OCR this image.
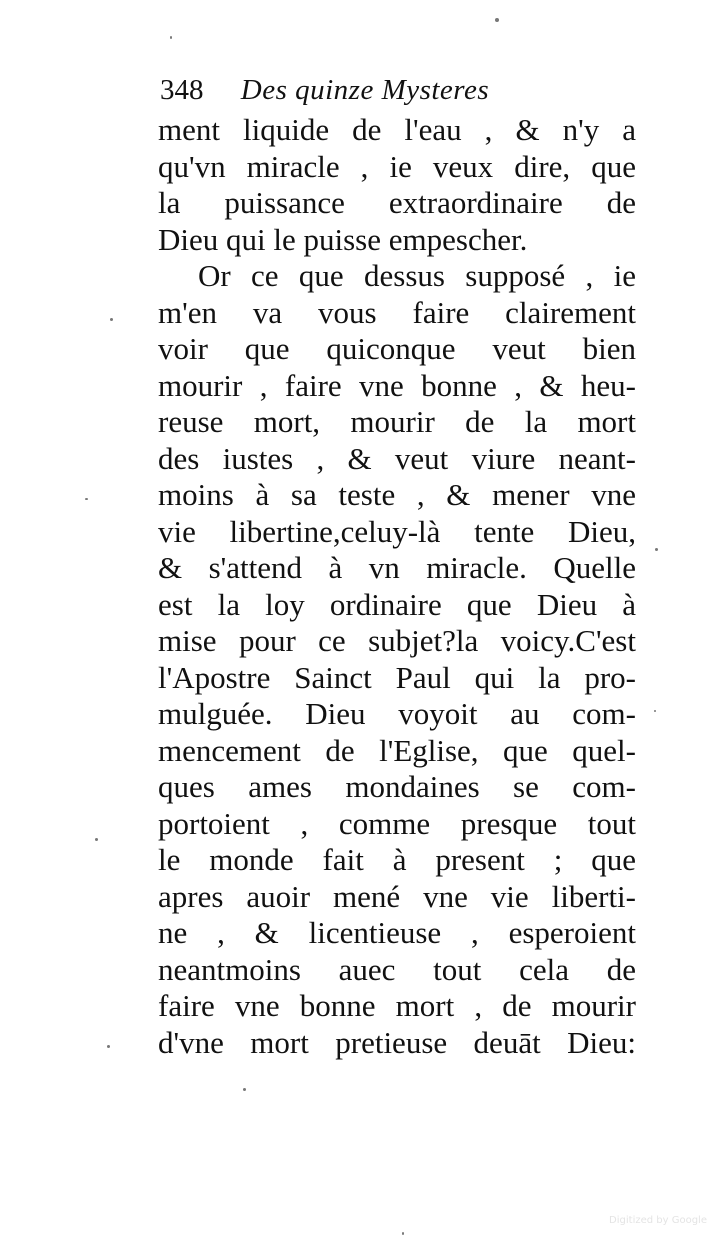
348 Des quinze Mysteres
ment liquide de l'eau , & n'y a
qu'vn miracle , ie veux dire, que
la puissance extraordinaire de
Dieu qui le puisse empescher.
Or ce que dessus supposé , ie
m'en va vous faire clairement
voir que quiconque veut bien
mourir , faire vne bonne , & heu-
reuse mort, mourir de la mort
des iustes , & veut viure neant-
moins à sa teste , & mener vne
vie libertine,celuy-là tente Dieu,
& s'attend à vn miracle. Quelle
est la loy ordinaire que Dieu à
mise pour ce subjet?la voicy.C'est
l'Apostre Sainct Paul qui la pro-
mulguée. Dieu voyoit au com-
mencement de l'Eglise, que quel-
ques ames mondaines se com-
portoient , comme presque tout
le monde fait à present ; que
apres auoir mené vne vie liberti-
ne , & licentieuse , esperoient
neantmoins auec tout cela de
faire vne bonne mort , de mourir
d'vne mort pretieuse deuāt Dieu:
Digitized by Google
